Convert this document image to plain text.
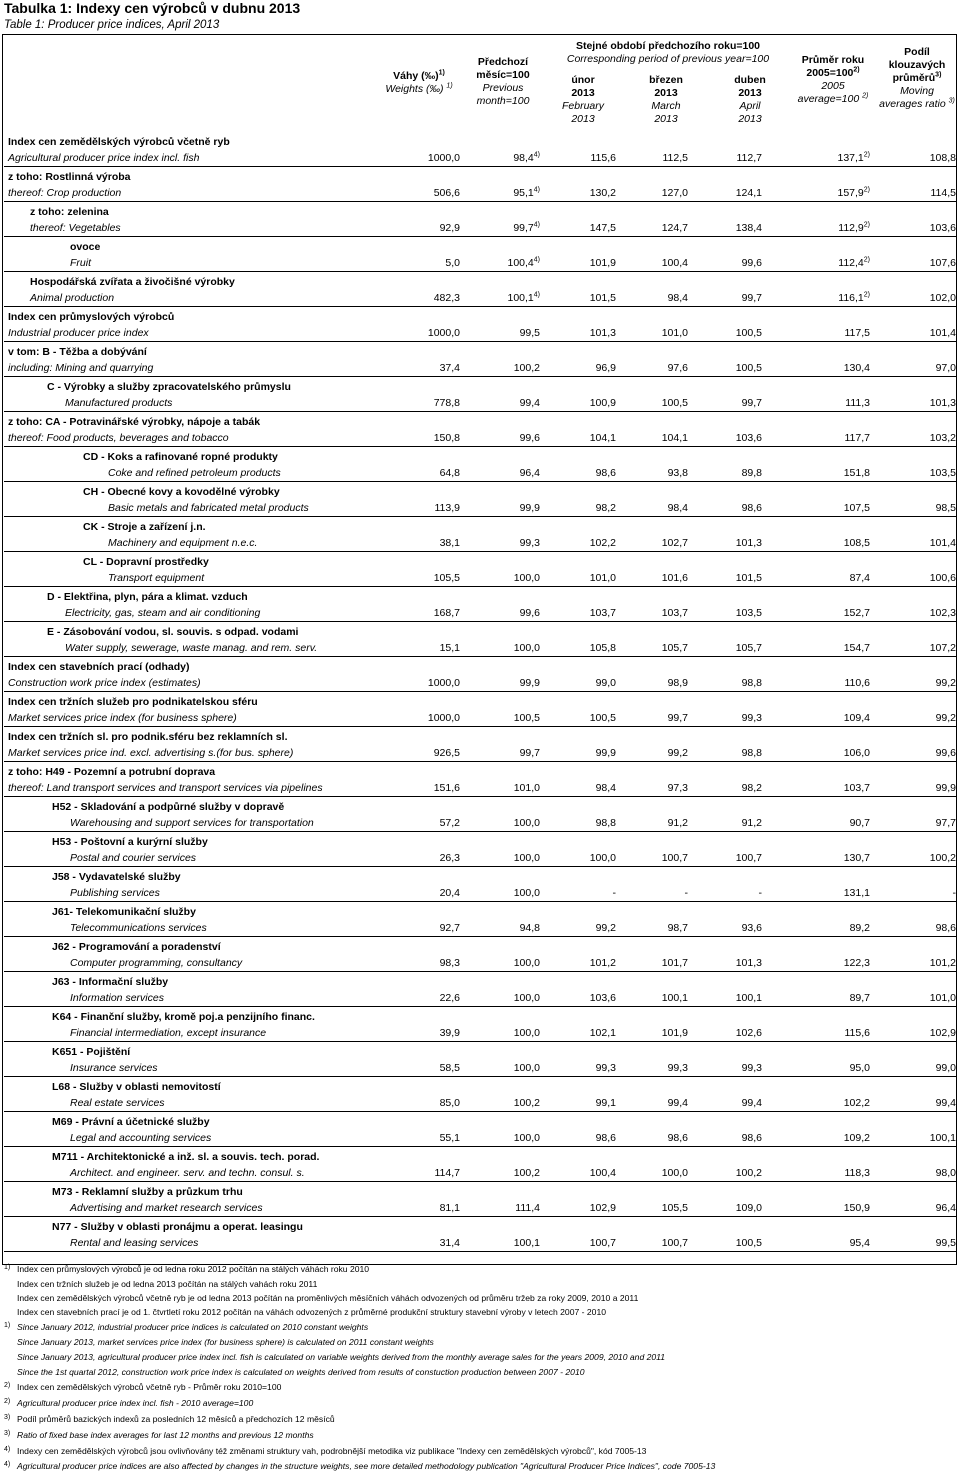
Tabulka 1: Indexy cen výrobců v dubnu 2013
Table 1: Producer price indices, April 2013
Váhy (‰)$^{1)}$
Weights (‰) $^{1)}$
Předchozí
měsíc=100
Previous
month=100
Stejné období předchozího roku=100
Corresponding period of previous year=100
únor
2013
February
2013
březen
2013
March
2013
duben
2013
April
2013
Průměr roku
$2005=100^{2)}$
2005
average=100 $^{2)}$
Podíl
klouzavých
průměrů$^{3)}$
Moving
averages ratio $^{3)}$
Index cen zemědělských výrobců včetně ryb
Agricultural producer price index incl. fish	1000,0	98,4$^{4)}$	115,6	112,5	112,7	137,1$^{2)}$	108,8
z toho: Rostlinná výroba
thereof: Crop production	506,6	95,1$^{4)}$	130,2	127,0	124,1	157,9$^{2)}$	114,5
z toho: zelenina
thereof: Vegetables	92,9	99,7$^{4)}$	147,5	124,7	138,4	112,9$^{2)}$	103,6
ovoce
Fruit	5,0	100,4$^{4)}$	101,9	100,4	99,6	112,4$^{2)}$	107,6
Hospodářská zvířata a živočišné výrobky
Animal production	482,3	100,1$^{4)}$	101,5	98,4	99,7	116,1$^{2)}$	102,0
Index cen průmyslových výrobců
Industrial producer price index	1000,0	99,5	101,3	101,0	100,5	117,5	101,4
v tom: B - Těžba a dobývání
including: Mining and quarrying	37,4	100,2	96,9	97,6	100,5	130,4	97,0
C - Výrobky a služby zpracovatelského průmyslu
Manufactured products	778,8	99,4	100,9	100,5	99,7	111,3	101,3
z toho: CA - Potravinářské výrobky, nápoje a tabák
thereof: Food products, beverages and tobacco	150,8	99,6	104,1	104,1	103,6	117,7	103,2
CD - Koks a rafinované ropné produkty
Coke and refined petroleum products	64,8	96,4	98,6	93,8	89,8	151,8	103,5
CH - Obecné kovy a kovodělné výrobky
Basic metals and fabricated metal products	113,9	99,9	98,2	98,4	98,6	107,5	98,5
CK - Stroje a zařízení j.n.
Machinery and equipment n.e.c.	38,1	99,3	102,2	102,7	101,3	108,5	101,4
CL - Dopravní prostředky
Transport equipment	105,5	100,0	101,0	101,6	101,5	87,4	100,6
D - Elektřina, plyn, pára a klimat. vzduch
Electricity, gas, steam and air conditioning	168,7	99,6	103,7	103,7	103,5	152,7	102,3
E - Zásobování vodou, sl. souvis. s odpad. vodami
Water supply, sewerage, waste manag. and rem. serv.	15,1	100,0	105,8	105,7	105,7	154,7	107,2
Index cen stavebních prací (odhady)
Construction work price index (estimates)	1000,0	99,9	99,0	98,9	98,8	110,6	99,2
Index cen tržních služeb pro podnikatelskou sféru
Market services price index (for business sphere)	1000,0	100,5	100,5	99,7	99,3	109,4	99,2
Index cen tržních sl. pro podnik.sféru bez reklamních sl.
Market services price ind. excl. advertising s.(for bus. sphere)	926,5	99,7	99,9	99,2	98,8	106,0	99,6
z toho: H49 - Pozemní a potrubní doprava
thereof: Land transport services and transport services via pipelines	151,6	101,0	98,4	97,3	98,2	103,7	99,9
H52 - Skladování a podpůrné služby v dopravě
Warehousing and support services for transportation	57,2	100,0	98,8	91,2	91,2	90,7	97,7
H53 - Poštovní a kurýrní služby
Postal and courier services	26,3	100,0	100,0	100,7	100,7	130,7	100,2
J58 - Vydavatelské služby
Publishing services	20,4	100,0	-	-	-	131,1	-
J61- Telekomunikační služby
Telecommunications services	92,7	94,8	99,2	98,7	93,6	89,2	98,6
J62 - Programování a poradenství
Computer programming, consultancy	98,3	100,0	101,2	101,7	101,3	122,3	101,2
J63 - Informační služby
Information services	22,6	100,0	103,6	100,1	100,1	89,7	101,0
K64 - Finanční služby, kromě poj.a penzijního financ.
Financial intermediation, except insurance	39,9	100,0	102,1	101,9	102,6	115,6	102,9
K651 - Pojištění
Insurance services	58,5	100,0	99,3	99,3	99,3	95,0	99,0
L68 - Služby v oblasti nemovitostí
Real estate services	85,0	100,2	99,1	99,4	99,4	102,2	99,4
M69 - Právní a účetnické služby
Legal and accounting services	55,1	100,0	98,6	98,6	98,6	109,2	100,1
M711 - Architektonické a inž. sl. a souvis. tech. porad.
Architect. and engineer. serv. and techn. consul. s.	114,7	100,2	100,4	100,0	100,2	118,3	98,0
M73 - Reklamní služby a průzkum trhu
Advertising and market research services	81,1	111,4	102,9	105,5	109,0	150,9	96,4
N77 - Služby v oblasti pronájmu a operat. leasingu
Rental and leasing services	31,4	100,1	100,7	100,7	100,5	95,4	99,5
1) Index cen průmyslových výrobců je od ledna roku 2012 počítán na stálých váhách roku 2010
Index cen tržních služeb je od ledna 2013 počítán na stálých vahách roku 2011
Index cen zemědělských výrobců včetně ryb je od ledna 2013 počítán na proměnlivých měsíčních váhách odvozených od průměru tržeb za roky 2009, 2010 a 2011
Index cen stavebních prací je od 1. čtvrtletí roku 2012 počítán na váhách odvozených z průměrné produkční struktury stavební výroby v letech 2007 - 2010
1) Since January 2012, industrial producer price indices is calculated on 2010 constant weights
Since January 2013, market services price index (for business sphere) is calculated on 2011 constant weights
Since January 2013, agricultural producer price index incl. fish is calculated on variable weights derived from the monthly average sales for the years 2009, 2010 and 2011
Since the 1st quartal 2012, construction work price index is calculated on weights derived from results of constuction production between 2007 - 2010
2) Index cen zemědělských výrobců včetně ryb - Průměr roku 2010=100
2) Agricultural producer price index incl. fish - 2010 average=100
3) Podíl průměrů bazických indexů za posledních 12 měsíců a předchozích 12 měsíců
3) Ratio of fixed base index averages for last 12 months and previous 12 months
4) Indexy cen zemědělských výrobců jsou ovlivňovány též změnami struktury vah, podrobnější metodika viz publikace "Indexy cen zemědělských výrobců", kód 7005-13
4) Agricultural producer price indices are also affected by changes in the structure weights, see more detailed methodology publication "Agricultural Producer Price Indices", code 7005-13
